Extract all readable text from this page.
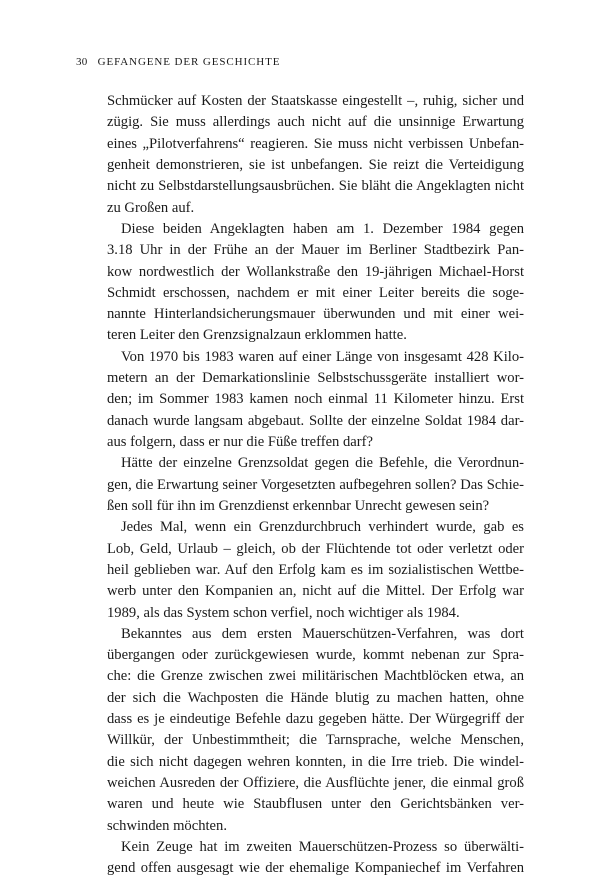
30 GEFANGENE DER GESCHICHTE
Schmücker auf Kosten der Staatskasse eingestellt –, ruhig, sicher und
zügig. Sie muss allerdings auch nicht auf die unsinnige Erwartung
eines „Pilotverfahrens“ reagieren. Sie muss nicht verbissen Unbefan-
genheit demonstrieren, sie ist unbefangen. Sie reizt die Verteidigung
nicht zu Selbstdarstellungsausbrüchen. Sie bläht die Angeklagten nicht
zu Großen auf.
Diese beiden Angeklagten haben am 1. Dezember 1984 gegen
3.18 Uhr in der Frühe an der Mauer im Berliner Stadtbezirk Pan-
kow nordwestlich der Wollankstraße den 19-jährigen Michael-Horst
Schmidt erschossen, nachdem er mit einer Leiter bereits die soge-
nannte Hinterlandsicherungsmauer überwunden und mit einer wei-
teren Leiter den Grenzsignalzaun erklommen hatte.
Von 1970 bis 1983 waren auf einer Länge von insgesamt 428 Kilo-
metern an der Demarkationslinie Selbstschussgeräte installiert wor-
den; im Sommer 1983 kamen noch einmal 11 Kilometer hinzu. Erst
danach wurde langsam abgebaut. Sollte der einzelne Soldat 1984 dar-
aus folgern, dass er nur die Füße treffen darf?
Hätte der einzelne Grenzsoldat gegen die Befehle, die Verordnun-
gen, die Erwartung seiner Vorgesetzten aufbegehren sollen? Das Schie-
ßen soll für ihn im Grenzdienst erkennbar Unrecht gewesen sein?
Jedes Mal, wenn ein Grenzdurchbruch verhindert wurde, gab es
Lob, Geld, Urlaub – gleich, ob der Flüchtende tot oder verletzt oder
heil geblieben war. Auf den Erfolg kam es im sozialistischen Wettbe-
werb unter den Kompanien an, nicht auf die Mittel. Der Erfolg war
1989, als das System schon verfiel, noch wichtiger als 1984.
Bekanntes aus dem ersten Mauerschützen-Verfahren, was dort
übergangen oder zurückgewiesen wurde, kommt nebenan zur Spra-
che: die Grenze zwischen zwei militärischen Machtblöcken etwa, an
der sich die Wachposten die Hände blutig zu machen hatten, ohne
dass es je eindeutige Befehle dazu gegeben hätte. Der Würgegriff der
Willkür, der Unbestimmtheit; die Tarnsprache, welche Menschen,
die sich nicht dagegen wehren konnten, in die Irre trieb. Die windel-
weichen Ausreden der Offiziere, die Ausflüchte jener, die einmal groß
waren und heute wie Staubflusen unter den Gerichtsbänken ver-
schwinden möchten.
Kein Zeuge hat im zweiten Mauerschützen-Prozess so überwälti-
gend offen ausgesagt wie der ehemalige Kompaniechef im Verfahren
